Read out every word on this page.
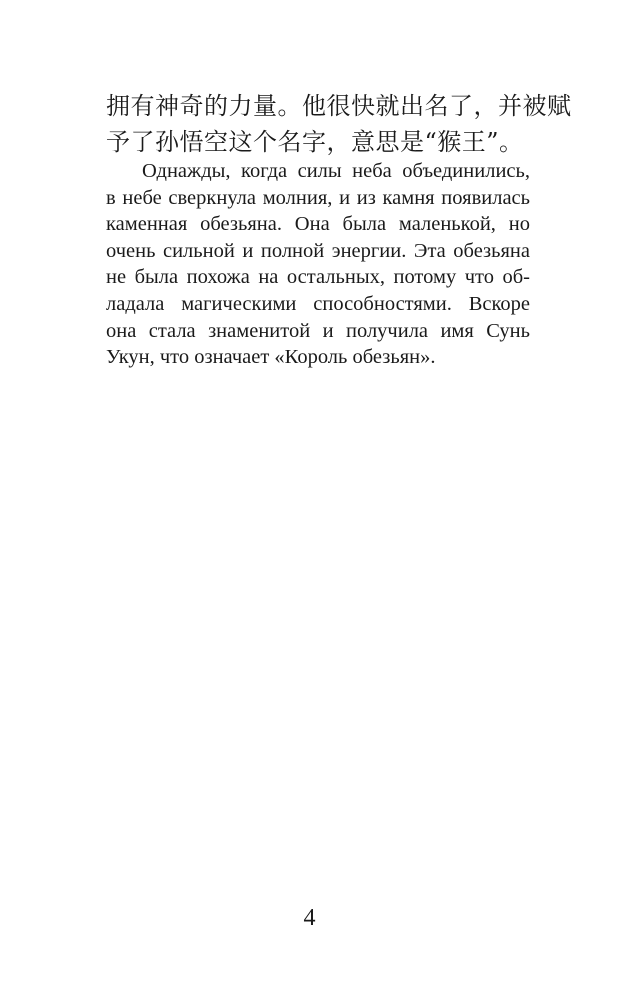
拥有神奇的力量。他很快就出名了，并被赋
予了孙悟空这个名字，意思是“猴王”。
Однажды, когда силы неба объединились,
в небе сверкнула молния, и из камня появилась
каменная обезьяна. Она была маленькой, но
очень сильной и полной энергии. Эта обезьяна
не была похожа на остальных, потому что об-
ладала магическими способностями. Вскоре
она стала знаменитой и получила имя Сунь
Укун, что означает «Король обезьян».
4
